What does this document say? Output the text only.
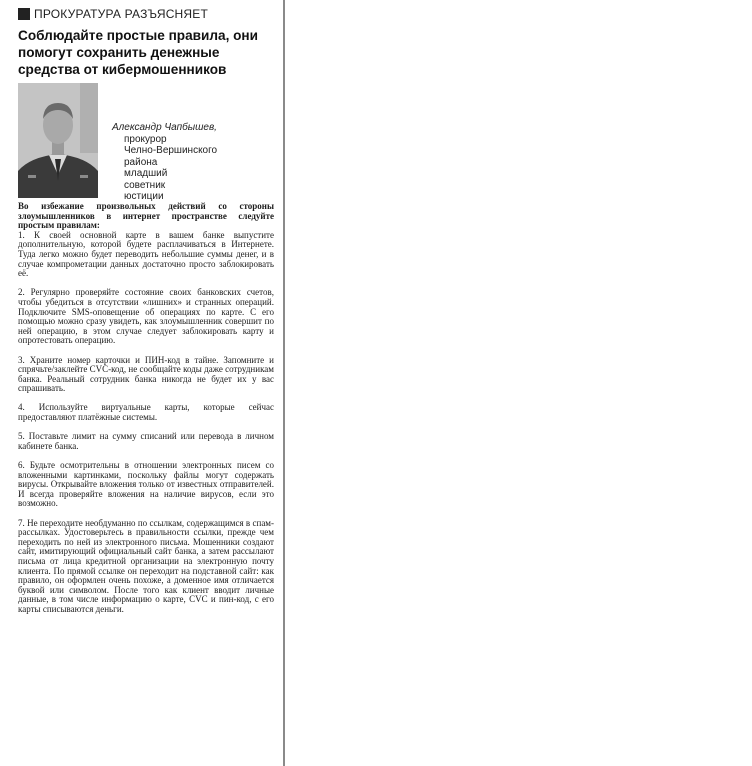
ПРОКУРАТУРА РАЗЪЯСНЯЕТ
Соблюдайте простые правила, они помогут сохранить денежные средства от кибермошенников
Александр Чапбышев,
прокурор
Челно-Вершинского
района
младший
советник
юстиции

Во избежание произвольных действий со стороны злоумышленников в интернет пространстве следуйте простым правилам:

1. К своей основной карте в вашем банке выпустите дополнительную, которой будете расплачиваться в Интернете. Туда легко можно будет переводить небольшие суммы денег, и в случае компрометации данных достаточно просто заблокировать её.

2. Регулярно проверяйте состояние своих банковских счетов, чтобы убедиться в отсутствии «лишних» и странных операций. Подключите SMS-оповещение об операциях по карте. С его помощью можно сразу увидеть, как злоумышленник совершит по ней операцию, в этом случае следует заблокировать карту и опротестовать операцию.

3. Храните номер карточки и ПИН-код в тайне. Запомните и спрячьте/заклейте CVC-код, не сообщайте коды даже сотрудникам банка. Реальный сотрудник банка никогда не будет их у вас спрашивать.

4. Используйте виртуальные карты, которые сейчас предоставляют платёжные системы.

5. Поставьте лимит на сумму списаний или перевода в личном кабинете банка.

6. Будьте осмотрительны в отношении электронных писем со вложенными картинками, поскольку файлы могут содержать вирусы. Открывайте вложения только от известных отправителей. И всегда проверяйте вложения на наличие вирусов, если это возможно.

7. Не переходите необдуманно по ссылкам, содержащимся в спам-рассылках. Удостоверьтесь в правильности ссылки, прежде чем переходить по ней из электронного письма. Мошенники создают сайт, имитирующий официальный сайт банка, а затем рассылают письма от лица кредитной организации на электронную почту клиента. По прямой ссылке он переходит на подставной сайт: как правило, он оформлен очень похоже, а доменное имя отличается буквой или символом. После того как клиент вводит личные данные, в том числе информацию о карте, CVC и пин-код, с его карты списываются деньги.
